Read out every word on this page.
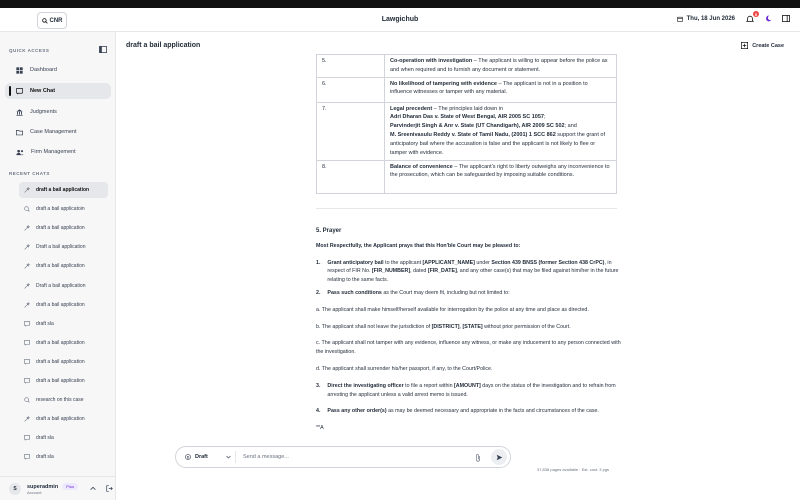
CNR	Lawgichub	Thu, 18 Jun 2026
5
QUICK ACCESS
Dashboard
New Chat
Judgments
Case Management
Firm Management
RECENT CHATS
draft a bail application
draft a bail applicatoin
draft a bail application
Draft a bail application
draft a bail application
Draft a bail application
draft a bail application
draft sla
draft a bail application
draft a bail application
draft a bail application
research on this case
draft a bail application
draft sla
draft sla
S	superadmin Plus
Account
draft a bail application	Create Case
5.	Co-operation with investigation – The applicant is willing to appear before the police as and when required and to furnish any document or statement.
6.	No likelihood of tampering with evidence – The applicant is not in a position to influence witnesses or tamper with any material.
7.	Legal precedent – The principles laid down in
Adri Dharan Das v. State of West Bengal, AIR 2005 SC 1057;
Parvinderjit Singh & Anr v. State (UT Chandigarh), AIR 2009 SC 502; and
M. Sreenivasulu Reddy v. State of Tamil Nadu, (2001) 1 SCC 862 support the grant of anticipatory bail where the accusation is false and the applicant is not likely to flee or tamper with evidence.
8.	Balance of convenience – The applicant's right to liberty outweighs any inconvenience to the prosecution, which can be safeguarded by imposing suitable conditions.

5. Prayer

Most Respectfully, the Applicant prays that this Hon'ble Court may be pleased to:

1. Grant anticipatory bail to the applicant [APPLICANT_NAME] under Section 439 BNSS (former Section 438 CrPC), in respect of FIR No. [FIR_NUMBER], dated [FIR_DATE], and any other case(s) that may be filed against him/her in the future relating to the same facts.

2. Pass such conditions as the Court may deem fit, including but not limited to:

a. The applicant shall make himself/herself available for interrogation by the police at any time and place as directed.

b. The applicant shall not leave the jurisdiction of [DISTRICT], [STATE] without prior permission of the Court.

c. The applicant shall not tamper with any evidence, influence any witness, or make any inducement to any person connected with the investigation.

d. The applicant shall surrender his/her passport, if any, to the Court/Police.

3. Direct the investigating officer to file a report within [AMOUNT] days on the status of the investigation and to refrain from arresting the applicant unless a valid arrest memo is issued.

4. Pass any other order(s) as may be deemed necessary and appropriate in the facts and circumstances of the case.

**A

37,838 pages available · Est. cost: 3 pgs
D Draft	Send a message...
